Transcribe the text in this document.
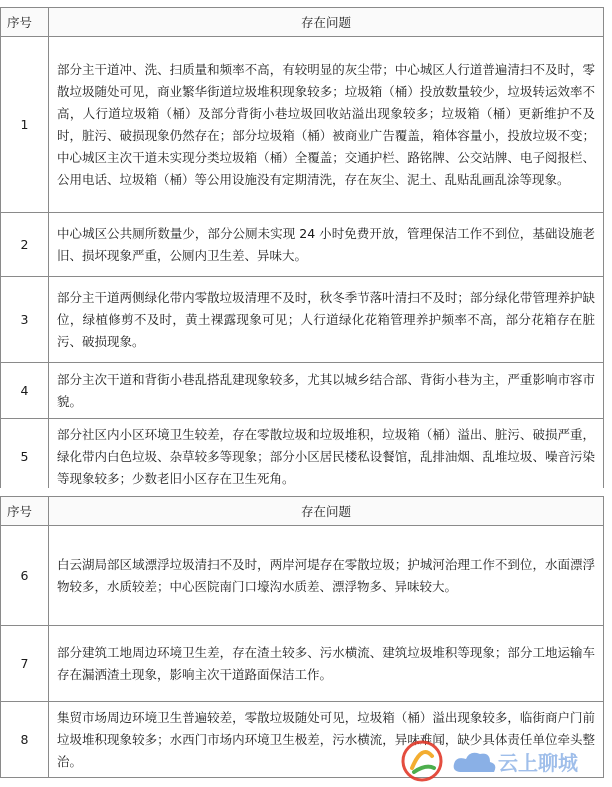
序号	存在问题
1	部分主干道冲、洗、扫质量和频率不高，有较明显的灰尘带；中心城区人行道普遍清扫不及时，零散垃圾随处可见，商业繁华街道垃圾堆积现象较多；垃圾箱（桶）投放数量较少，垃圾转运效率不高，人行道垃圾箱（桶）及部分背街小巷垃圾回收站溢出现象较多；垃圾箱（桶）更新维护不及时，脏污、破损现象仍然存在；部分垃圾箱（桶）被商业广告覆盖，箱体容量小，投放垃圾不变；中心城区主次干道未实现分类垃圾箱（桶）全覆盖；交通护栏、路铭牌、公交站牌、电子阅报栏、公用电话、垃圾箱（桶）等公用设施没有定期清洗，存在灰尘、泥土、乱贴乱画乱涂等现象。
2	中心城区公共厕所数量少，部分公厕未实现 24 小时免费开放，管理保洁工作不到位，基础设施老旧、损坏现象严重，公厕内卫生差、异味大。
3	部分主干道两侧绿化带内零散垃圾清理不及时，秋冬季节落叶清扫不及时；部分绿化带管理养护缺位，绿植修剪不及时，黄土裸露现象可见；人行道绿化花箱管理养护频率不高，部分花箱存在脏污、破损现象。
4	部分主次干道和背街小巷乱搭乱建现象较多，尤其以城乡结合部、背街小巷为主，严重影响市容市貌。
5	部分社区内小区环境卫生较差，存在零散垃圾和垃圾堆积，垃圾箱（桶）溢出、脏污、破损严重，绿化带内白色垃圾、杂草较多等现象；部分小区居民楼私设餐馆，乱排油烟、乱堆垃圾、噪音污染等现象较多；少数老旧小区存在卫生死角。
序号	存在问题
6	白云湖局部区域漂浮垃圾清扫不及时，两岸河堤存在零散垃圾；护城河治理工作不到位，水面漂浮物较多，水质较差；中心医院南门口壕沟水质差、漂浮物多、异味较大。
7	部分建筑工地周边环境卫生差，存在渣土较多、污水横流、建筑垃圾堆积等现象；部分工地运输车存在漏洒渣土现象，影响主次干道路面保洁工作。
8	集贸市场周边环境卫生普遍较差，零散垃圾随处可见，垃圾箱（桶）溢出现象较多，临街商户门前垃圾堆积现象较多；水西门市场内环境卫生极差，污水横流，异味难闻，缺少具体责任单位牵头整治。	云上聊城
